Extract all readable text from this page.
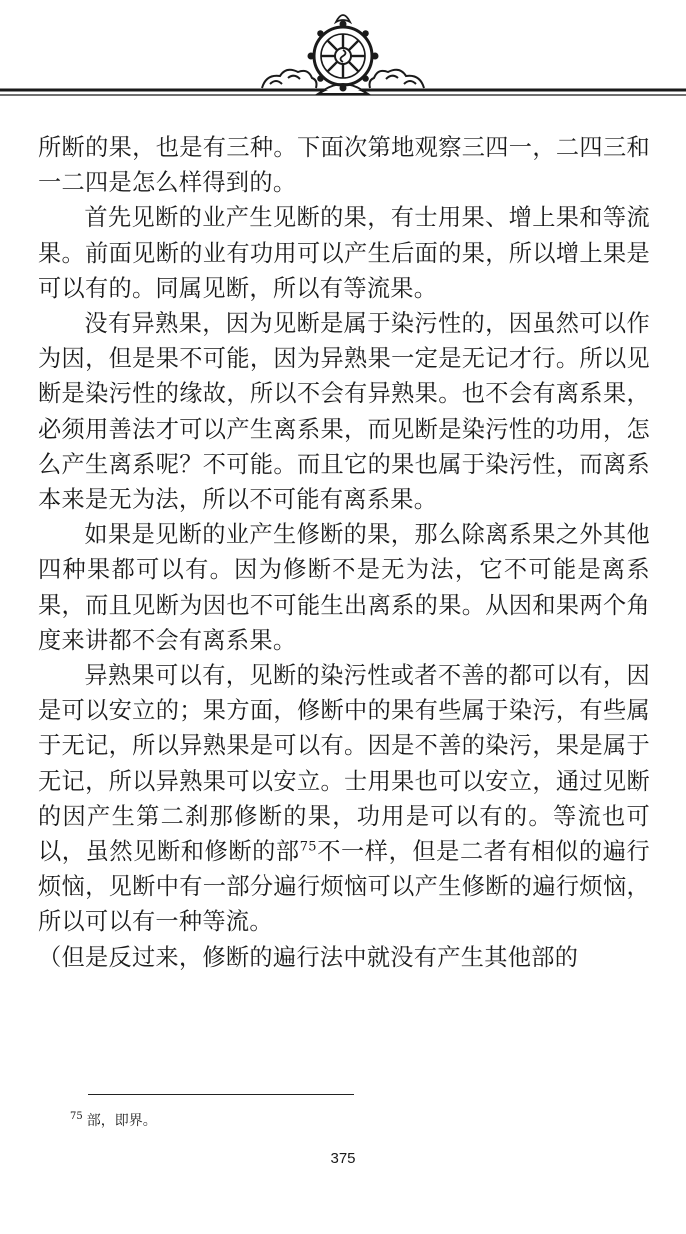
所断的果，也是有三种。下面次第地观察三四一，二四三和一二四是怎么样得到的。

首先见断的业产生见断的果，有士用果、增上果和等流果。前面见断的业有功用可以产生后面的果，所以增上果是可以有的。同属见断，所以有等流果。

没有异熟果，因为见断是属于染污性的，因虽然可以作为因，但是果不可能，因为异熟果一定是无记才行。所以见断是染污性的缘故，所以不会有异熟果。也不会有离系果，必须用善法才可以产生离系果，而见断是染污性的功用，怎么产生离系呢？不可能。而且它的果也属于染污性，而离系本来是无为法，所以不可能有离系果。

如果是见断的业产生修断的果，那么除离系果之外其他四种果都可以有。因为修断不是无为法，它不可能是离系果，而且见断为因也不可能生出离系的果。从因和果两个角度来讲都不会有离系果。

异熟果可以有，见断的染污性或者不善的都可以有，因是可以安立的；果方面，修断中的果有些属于染污，有些属于无记，所以异熟果是可以有。因是不善的染污，果是属于无记，所以异熟果可以安立。士用果也可以安立，通过见断的因产生第二刹那修断的果，功用是可以有的。等流也可以，虽然见断和修断的部$^{75}$不一样，但是二者有相似的遍行烦恼，见断中有一部分遍行烦恼可以产生修断的遍行烦恼，所以可以有一种等流。

（但是反过来，修断的遍行法中就没有产生其他部的

$^{75}$ 部，即界。
375
